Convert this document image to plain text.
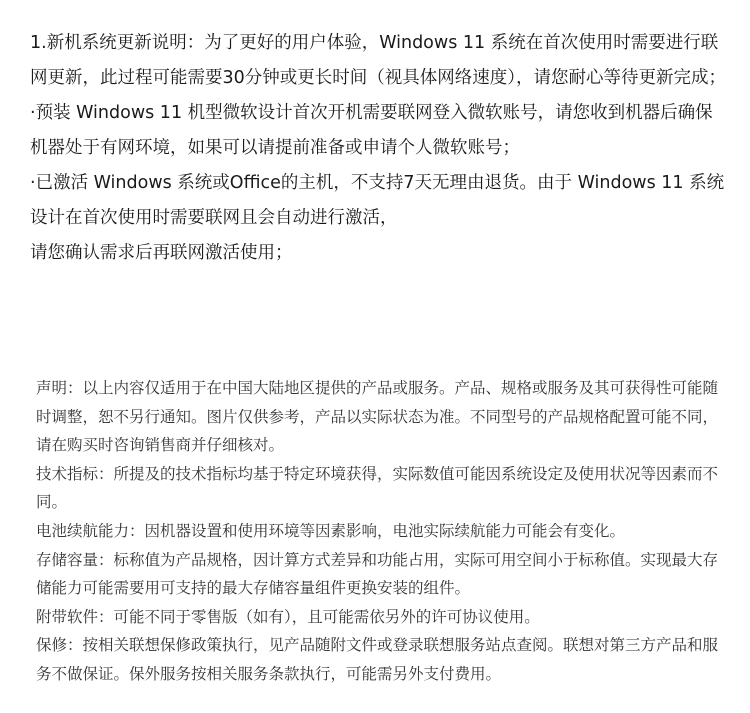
1.新机系统更新说明：为了更好的用户体验，Windows 11 系统在首次使用时需要进行联网更新，此过程可能需要30分钟或更长时间（视具体网络速度），请您耐心等待更新完成；

·预装 Windows 11 机型微软设计首次开机需要联网登入微软账号，请您收到机器后确保机器处于有网环境，如果可以请提前准备或申请个人微软账号；

·已激活 Windows 系统或Office的主机，不支持7天无理由退货。由于 Windows 11 系统设计在首次使用时需要联网且会自动进行激活，

请您确认需求后再联网激活使用；

声明：以上内容仅适用于在中国大陆地区提供的产品或服务。产品、规格或服务及其可获得性可能随时调整，恕不另行通知。图片仅供参考，产品以实际状态为准。不同型号的产品规格配置可能不同，请在购买时咨询销售商并仔细核对。

技术指标：所提及的技术指标均基于特定环境获得，实际数值可能因系统设定及使用状况等因素而不同。

电池续航能力：因机器设置和使用环境等因素影响，电池实际续航能力可能会有变化。

存储容量：标称值为产品规格，因计算方式差异和功能占用，实际可用空间小于标称值。实现最大存储能力可能需要用可支持的最大存储容量组件更换安装的组件。

附带软件：可能不同于零售版（如有），且可能需依另外的许可协议使用。

保修：按相关联想保修政策执行，见产品随附文件或登录联想服务站点查阅。联想对第三方产品和服务不做保证。保外服务按相关服务条款执行，可能需另外支付费用。
